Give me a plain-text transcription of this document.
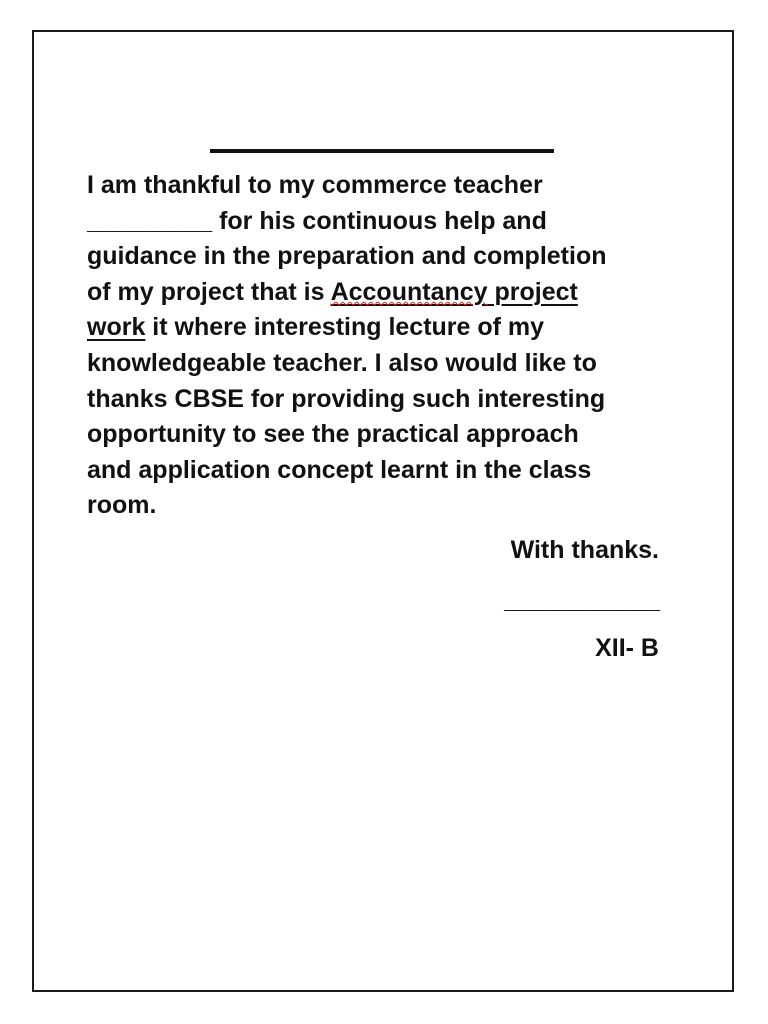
I am thankful to my commerce teacher
_________ for his continuous help and
guidance in the preparation and completion
of my project that is Accountancy project
work it where interesting lecture of my
knowledgeable teacher. I also would like to
thanks CBSE for providing such interesting
opportunity to see the practical approach
and application concept learnt in the class
room.

With thanks.
____________
XII- B
